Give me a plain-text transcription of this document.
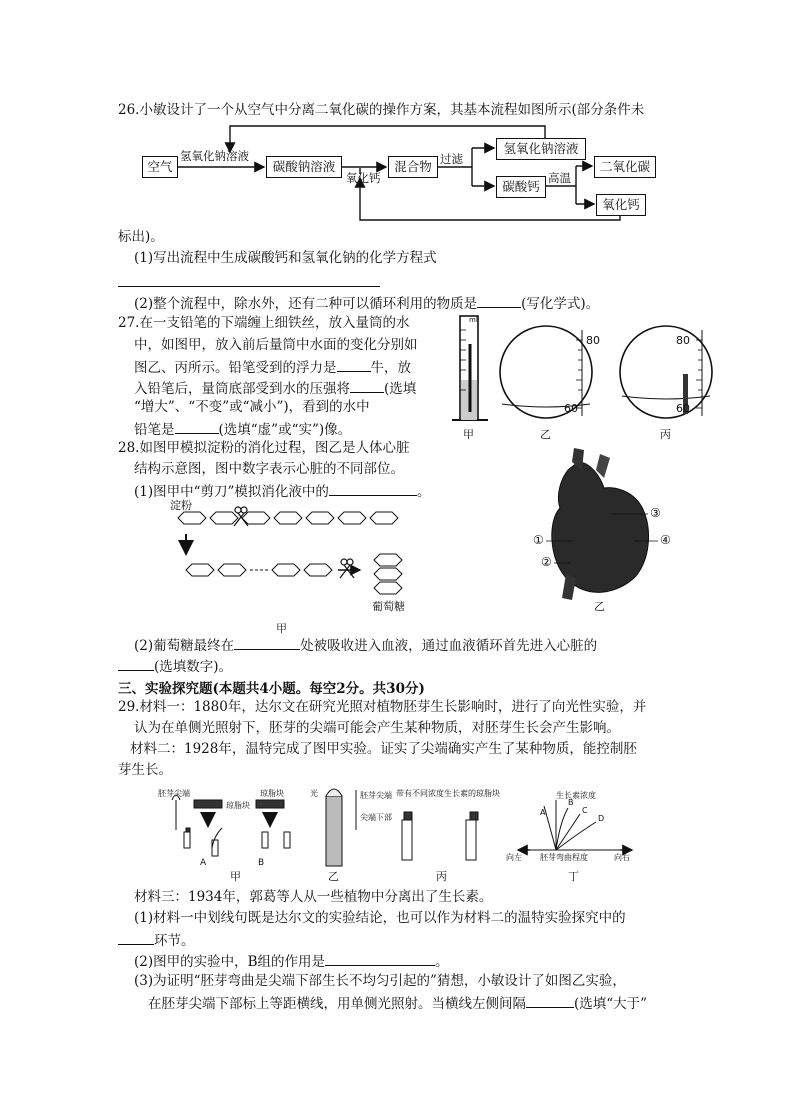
26.小敏设计了一个从空气中分离二氧化碳的操作方案，其基本流程如图所示(部分条件未
空气
氢氧化钠溶液
碳酸钠溶液
氧化钙
混合物 过滤
氢氧化钠溶液
碳酸钙
高温
二氧化碳
氧化钙
标出)。
(1)写出流程中生成碳酸钙和氢氧化钠的化学方程式
(2)整个流程中，除水外，还有二种可以循环利用的物质是	(写化学式)。
27.在一支铅笔的下端缠上细铁丝，放入量筒的水
中，如图甲，放入前后量筒中水面的变化分别如
图乙、丙所示。铅笔受到的浮力是	牛，放
入铅笔后，量筒底部受到水的压强将	(选填
“增大”、“不变”或“减小”)，看到的水中
铅笔是	(选填“虚”或“实”)像。
ml
80
60
80
60
甲	乙	丙
28.如图甲模拟淀粉的消化过程，图乙是人体心脏
结构示意图，图中数字表示心脏的不同部位。
(1)图甲中“剪刀”模拟消化液中的	。
淀粉
葡萄糖
甲
①
②
③
④
乙
(2)葡萄糖最终在	处被吸收进入血液，通过血液循环首先进入心脏的
(选填数字)。
三、实验探究题(本题共4小题。每空2分。共30分)
29.材料一：1880年，达尔文在研究光照对植物胚芽生长影响时，进行了向光性实验，并
认为在单侧光照射下，胚芽的尖端可能会产生某种物质，对胚芽生长会产生影响。
材料二：1928年，温特完成了图甲实验。证实了尖端确实产生了某种物质，能控制胚
芽生长。
胚芽尖端
琼脂块
琼脂块
A	B
光	胚芽尖端
尖端下部
带有不同浓度生长素的琼脂块	生长素浓度
A
B
C
D
向左 胚芽弯曲程度	向右
甲	乙	丙	丁
材料三：1934年，郭葛等人从一些植物中分离出了生长素。
(1)材料一中划线句既是达尔文的实验结论，也可以作为材料二的温特实验探究中的
环节。
(2)图甲的实验中，B组的作用是	。
(3)为证明“胚芽弯曲是尖端下部生长不均匀引起的”猜想，小敏设计了如图乙实验，
在胚芽尖端下部标上等距横线，用单侧光照射。当横线左侧间隔	(选填“大于”
